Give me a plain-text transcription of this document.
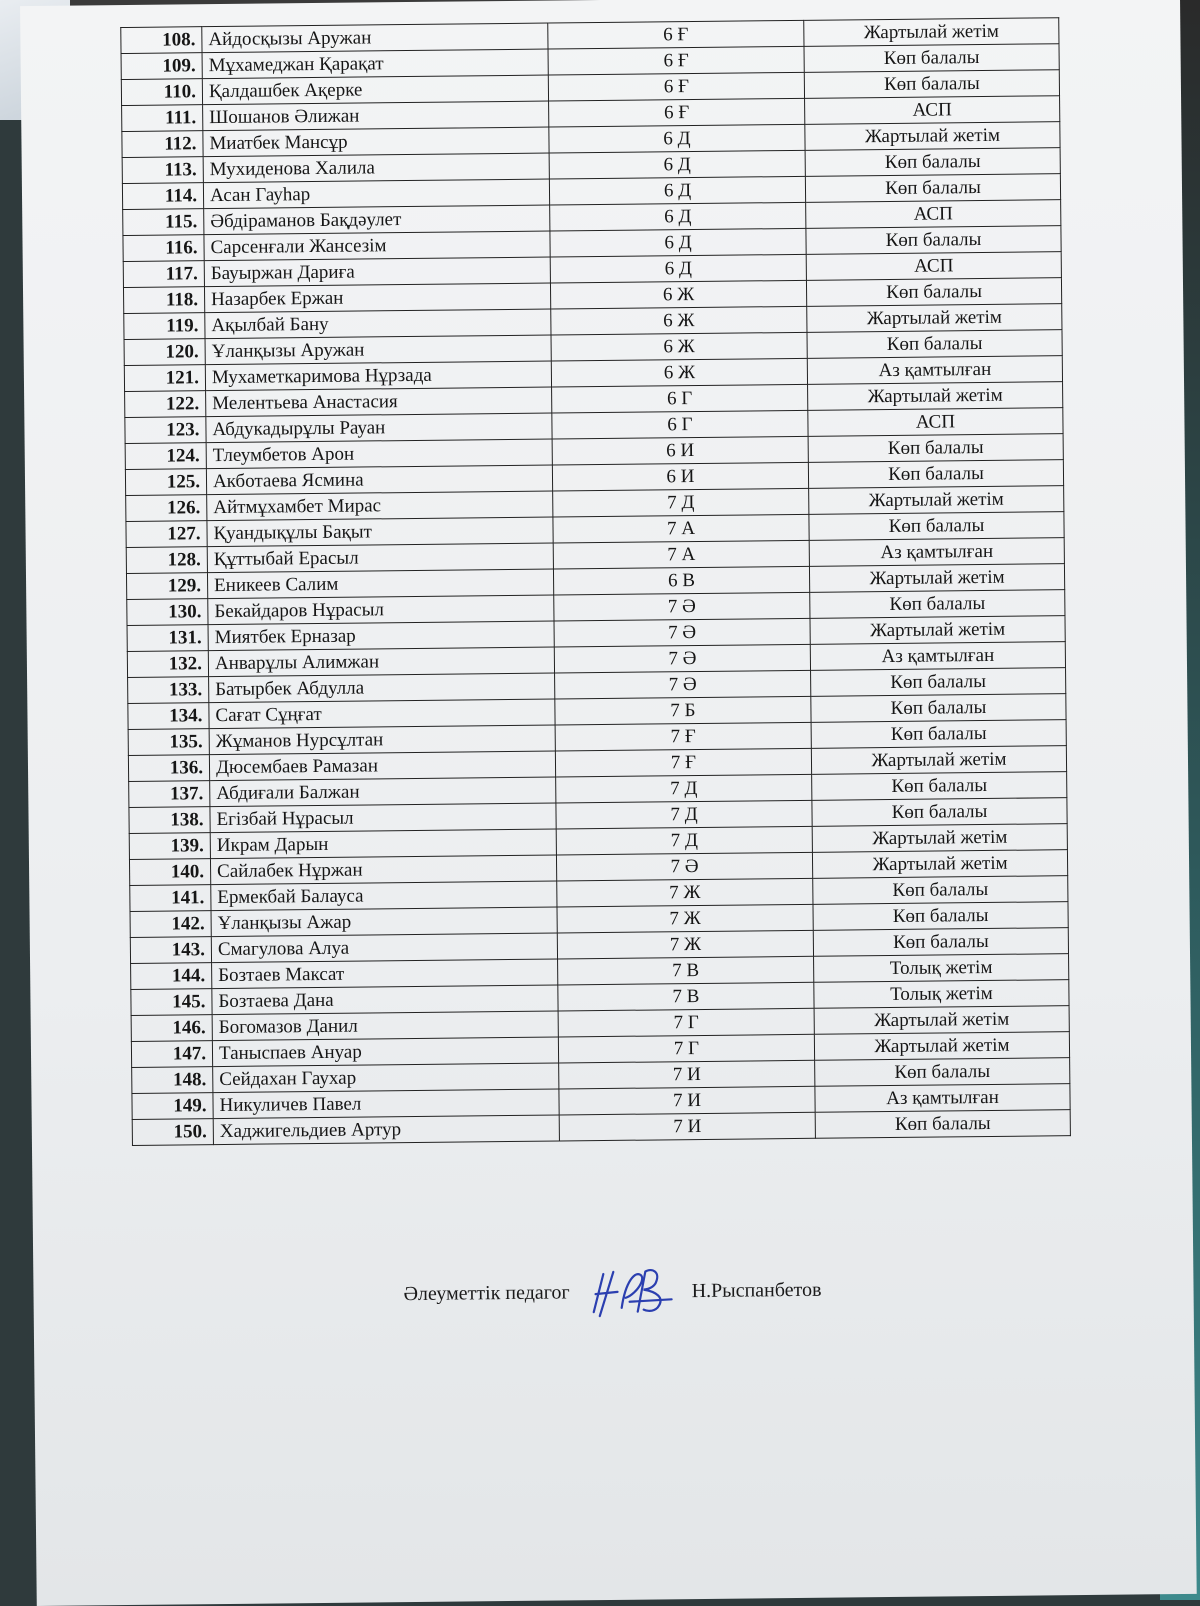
108.	Айдосқызы Аружан	6 Ғ	Жартылай жетім
109.	Мұхамеджан Қарақат	6 Ғ	Көп балалы
110.	Қалдашбек Ақерке	6 Ғ	Көп балалы
111.	Шошанов Әлижан	6 Ғ	АСП
112.	Миатбек Мансұр	6 Д	Жартылай жетім
113.	Мухиденова Халила	6 Д	Көп балалы
114.	Асан Гауһар	6 Д	Көп балалы
115.	Әбдіраманов Бақдәулет	6 Д	АСП
116.	Сарсенғали Жансезім	6 Д	Көп балалы
117.	Бауыржан Дариға	6 Д	АСП
118.	Назарбек Ержан	6 Ж	Көп балалы
119.	Ақылбай Бану	6 Ж	Жартылай жетім
120.	Ұланқызы Аружан	6 Ж	Көп балалы
121.	Мухаметкаримова Нұрзада	6 Ж	Аз қамтылған
122.	Мелентьева Анастасия	6 Г	Жартылай жетім
123.	Абдукадырұлы Рауан	6 Г	АСП
124.	Тлеумбетов Арон	6 И	Көп балалы
125.	Акботаева Ясмина	6 И	Көп балалы
126.	Айтмұхамбет Мирас	7 Д	Жартылай жетім
127.	Қуандықұлы Бақыт	7 А	Көп балалы
128.	Құттыбай Ерасыл	7 А	Аз қамтылған
129.	Еникеев Салим	6 В	Жартылай жетім
130.	Бекайдаров Нұрасыл	7 Ә	Көп балалы
131.	Миятбек Ерназар	7 Ә	Жартылай жетім
132.	Анварұлы Алимжан	7 Ә	Аз қамтылған
133.	Батырбек Абдулла	7 Ә	Көп балалы
134.	Сағат Сұңғат	7 Б	Көп балалы
135.	Жұманов Нурсұлтан	7 Ғ	Көп балалы
136.	Дюсембаев Рамазан	7 Ғ	Жартылай жетім
137.	Абдиғали Балжан	7 Д	Көп балалы
138.	Егізбай Нұрасыл	7 Д	Көп балалы
139.	Икрам Дарын	7 Д	Жартылай жетім
140.	Сайлабек Нұржан	7 Ә	Жартылай жетім
141.	Ермекбай Балауса	7 Ж	Көп балалы
142.	Ұланқызы Ажар	7 Ж	Көп балалы
143.	Смагулова Алуа	7 Ж	Көп балалы
144.	Бозтаев Максат	7 В	Толық жетім
145.	Бозтаева Дана	7 В	Толық жетім
146.	Богомазов Данил	7 Г	Жартылай жетім
147.	Таныспаев Ануар	7 Г	Жартылай жетім
148.	Сейдахан Гаухар	7 И	Көп балалы
149.	Никуличев Павел	7 И	Аз қамтылған
150.	Хаджигельдиев Артур	7 И	Көп балалы
Әлеуметтік педагог	Н.Рыспанбетов
